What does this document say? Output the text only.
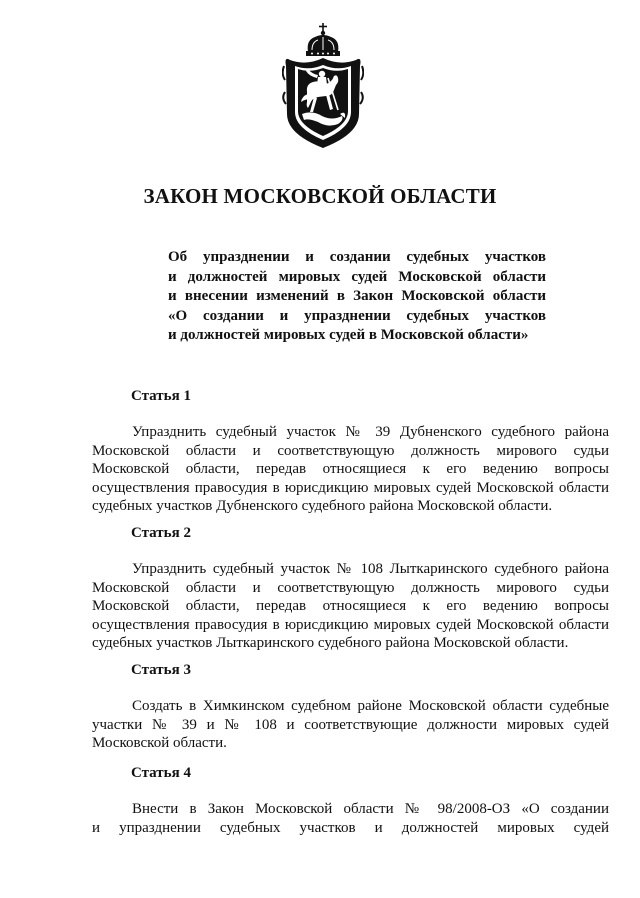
ЗАКОН МОСКОВСКОЙ ОБЛАСТИ
Об упразднении и создании судебных участков
и должностей мировых судей Московской области
и внесении изменений в Закон Московской области
«О создании и упразднении судебных участков
и должностей мировых судей в Московской области»
Статья 1
Упразднить судебный участок № 39 Дубненского судебного района
Московской области и соответствующую должность мирового судьи
Московской области, передав относящиеся к его ведению вопросы
осуществления правосудия в юрисдикцию мировых судей Московской области
судебных участков Дубненского судебного района Московской области.
Статья 2
Упразднить судебный участок № 108 Лыткаринского судебного района
Московской области и соответствующую должность мирового судьи
Московской области, передав относящиеся к его ведению вопросы
осуществления правосудия в юрисдикцию мировых судей Московской области
судебных участков Лыткаринского судебного района Московской области.
Статья 3
Создать в Химкинском судебном районе Московской области судебные
участки № 39 и № 108 и соответствующие должности мировых судей
Московской области.
Статья 4
Внести в Закон Московской области № 98/2008-ОЗ «О создании
и упразднении судебных участков и должностей мировых судей
